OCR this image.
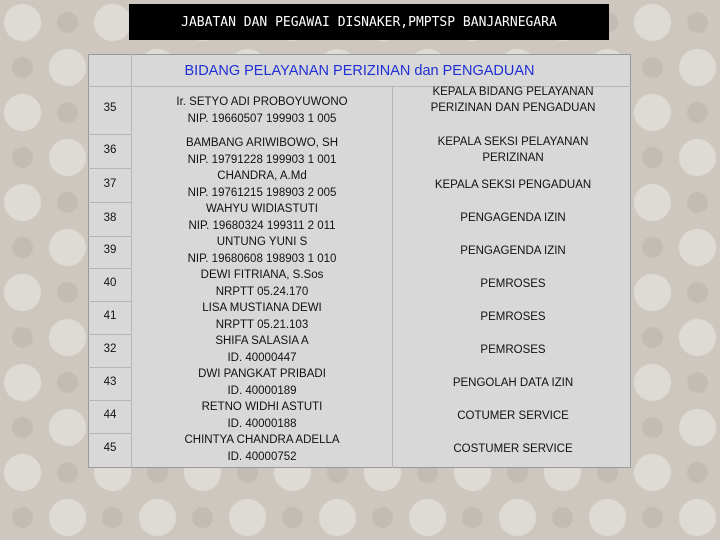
JABATAN DAN PEGAWAI DISNAKER,PMPTSP BANJARNEGARA
BIDANG PELAYANAN PERIZINAN dan PENGADUAN
35
36
37
38
39
40
41
32
43
44
45
Ir. SETYO ADI PROBOYUWONO
NIP. 19660507 199903 1 005
BAMBANG ARIWIBOWO, SH
NIP. 19791228 199903 1 001
CHANDRA, A.Md
NIP. 19761215 198903 2 005
WAHYU WIDIASTUTI
NIP. 19680324 199311 2 011
UNTUNG YUNI S
NIP. 19680608 198903 1 010
DEWI FITRIANA, S.Sos
NRPTT 05.24.170
LISA MUSTIANA DEWI
NRPTT 05.21.103
SHIFA SALASIA A
ID. 40000447
DWI PANGKAT PRIBADI
ID. 40000189
RETNO WIDHI ASTUTI
ID. 40000188
CHINTYA CHANDRA ADELLA
ID. 40000752
KEPALA BIDANG PELAYANAN PERIZINAN DAN PENGADUAN
KEPALA SEKSI PELAYANAN PERIZINAN
KEPALA SEKSI PENGADUAN
PENGAGENDA IZIN
PENGAGENDA IZIN
PEMROSES
PEMROSES
PEMROSES
PENGOLAH DATA IZIN
COTUMER SERVICE
COSTUMER SERVICE
